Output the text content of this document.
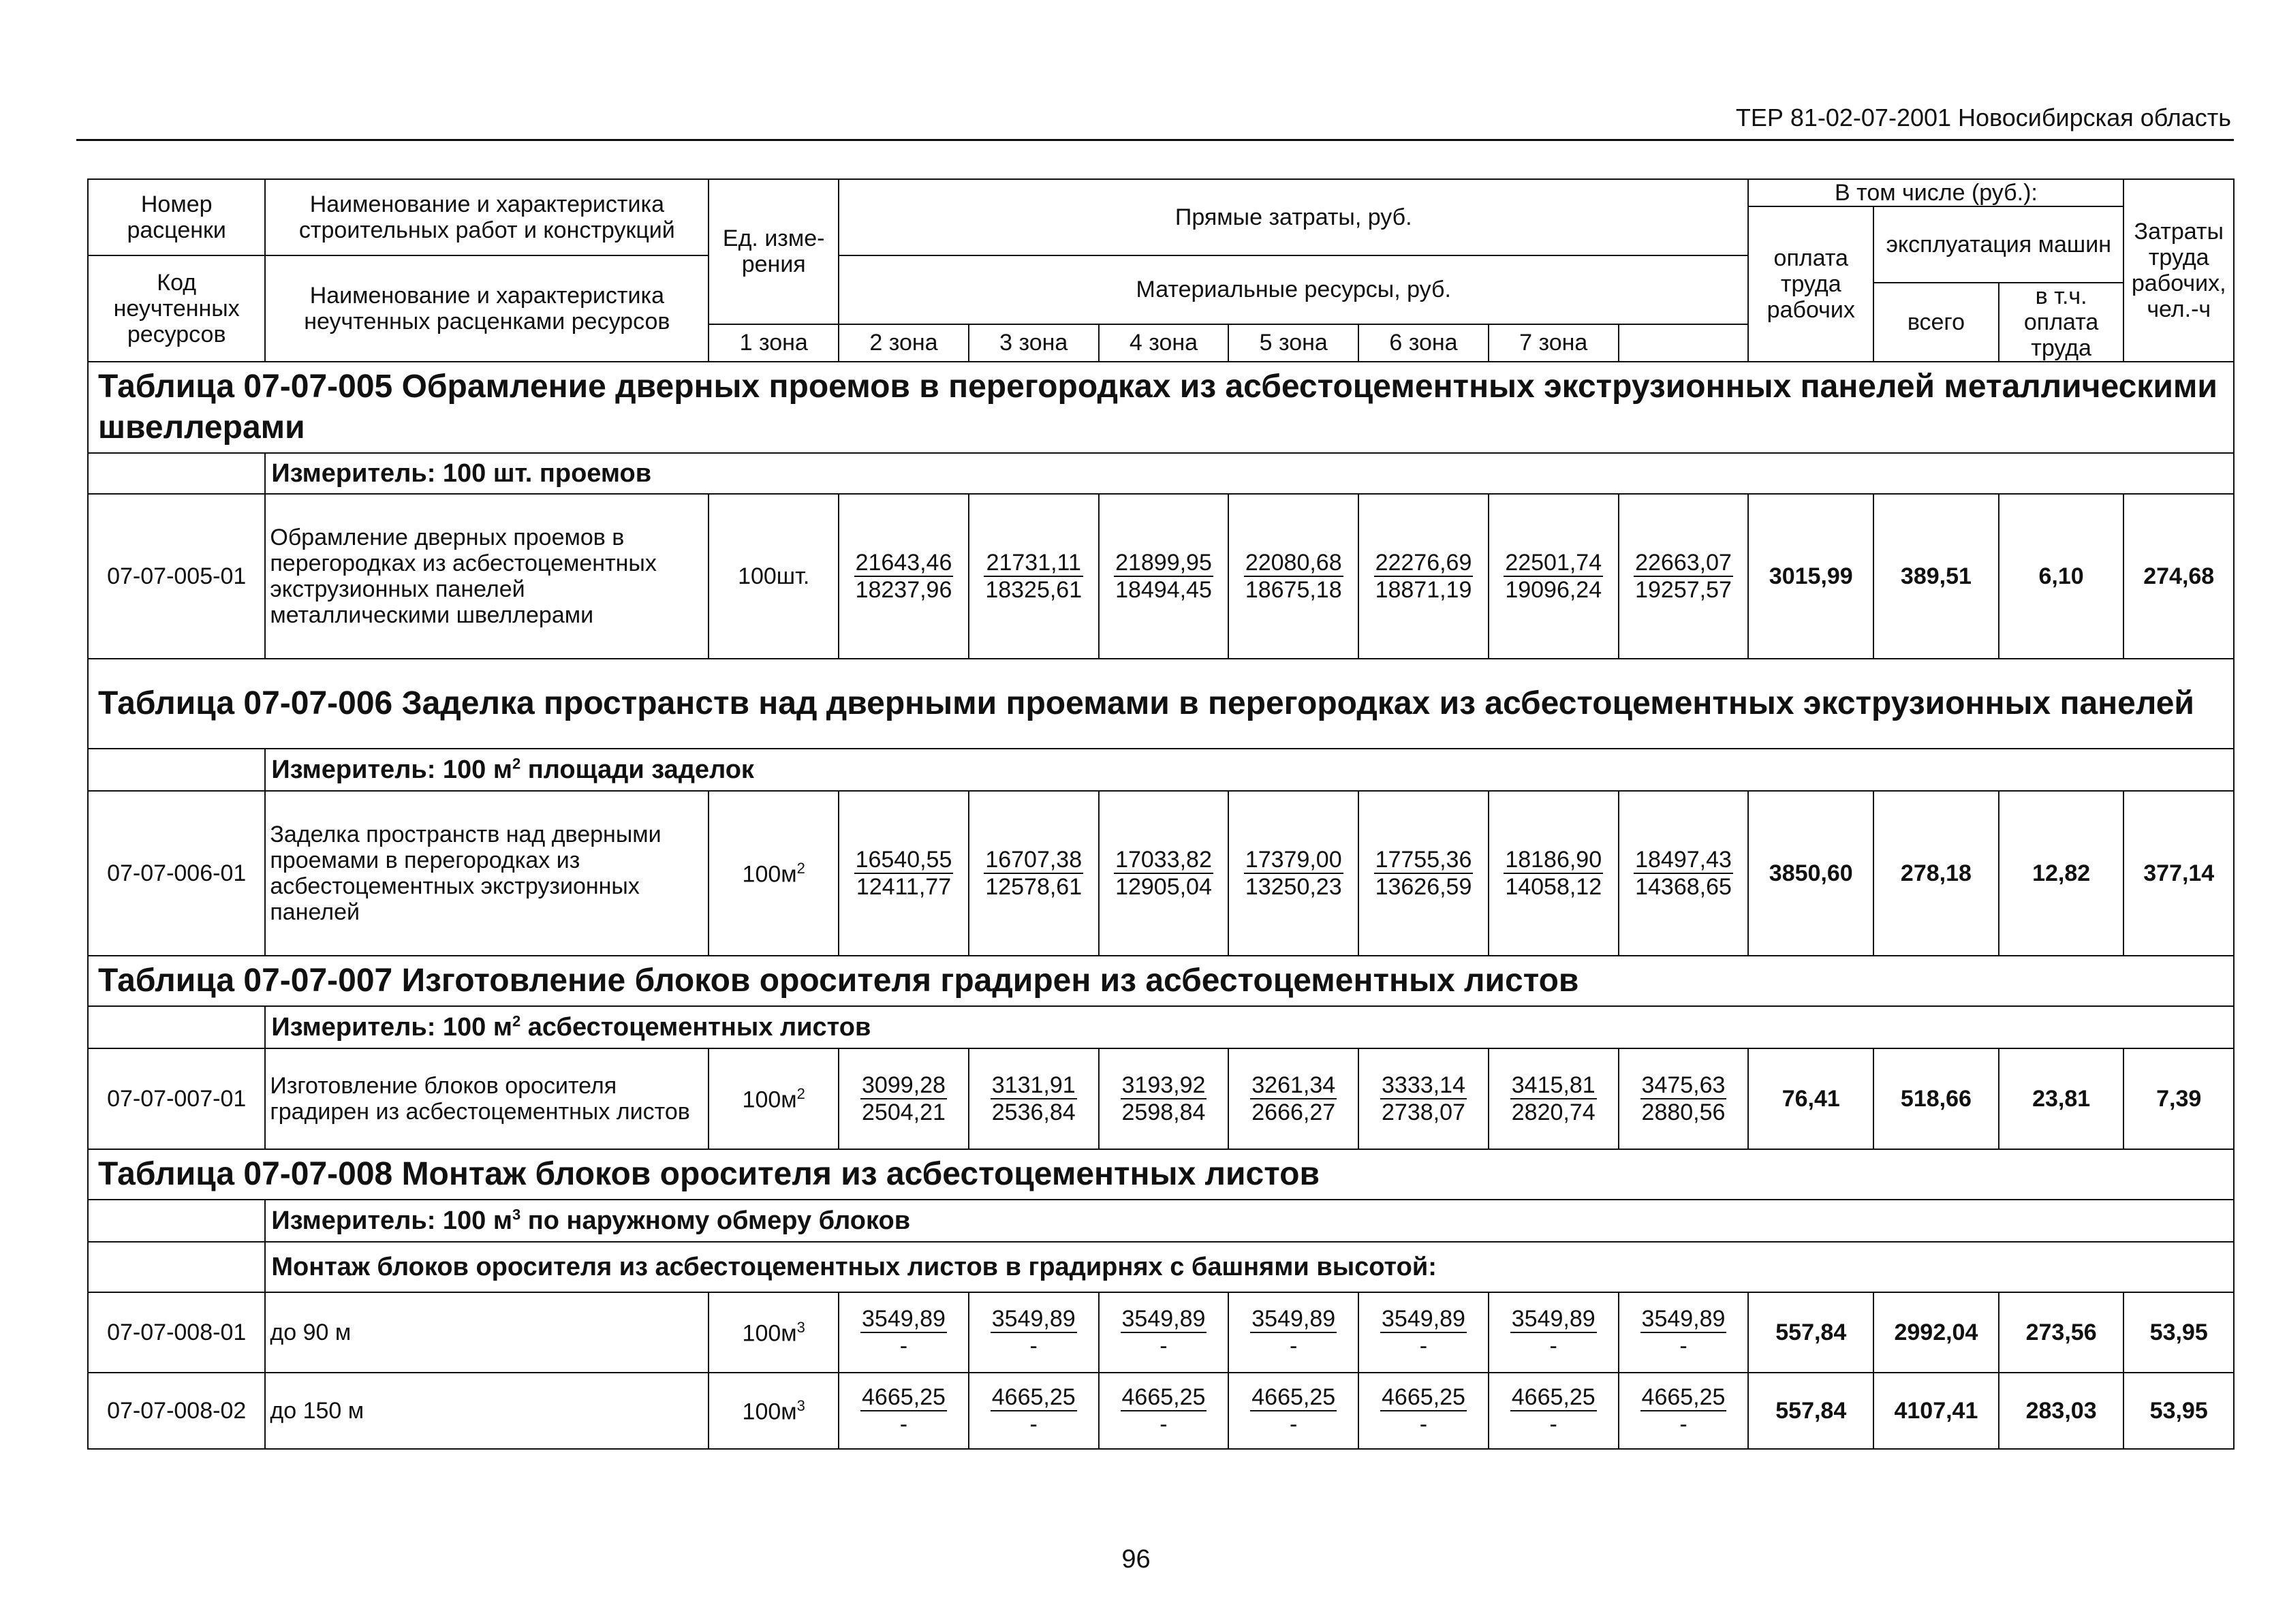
ТЕР 81-02-07-2001 Новосибирская область
Номер расценки	Наименование и характеристика строительных работ и конструкций	Ед. изме-рения	Прямые затраты, руб.							В том числе (руб.):			Затраты труда рабочих, чел.-ч
										оплата труда рабочих	эксплуатация машин		
Код неучтенных ресурсов	Наименование и характеристика неучтенных расценками ресурсов		Материальные ресурсы, руб.										
											всего	в т.ч. оплата труда	
		1 зона	2 зона	3 зона	4 зона	5 зона	6 зона	7 зона					
Таблица 07-07-005 Обрамление дверных проемов в перегородках из асбестоцементных экструзионных панелей металлическими швеллерами													
	Измеритель: 100 шт. проемов												
07-07-005-01	Обрамление дверных проемов в перегородках из асбестоцементных экструзионных панелей металлическими швеллерами	100шт.	$\frac{21643,46}{18237,96}$	$\frac{21731,11}{18325,61}$	$\frac{21899,95}{18494,45}$	$\frac{22080,68}{18675,18}$	$\frac{22276,69}{18871,19}$	$\frac{22501,74}{19096,24}$	$\frac{22663,07}{19257,57}$	3015,99	389,51	6,10	274,68
Таблица 07-07-006 Заделка пространств над дверными проемами в перегородках из асбестоцементных экструзионных панелей													
	Измеритель: 100 $м^2$ площади заделок												
07-07-006-01	Заделка пространств над дверными проемами в перегородках из асбестоцементных экструзионных панелей	$100м^2$	$\frac{16540,55}{12411,77}$	$\frac{16707,38}{12578,61}$	$\frac{17033,82}{12905,04}$	$\frac{17379,00}{13250,23}$	$\frac{17755,36}{13626,59}$	$\frac{18186,90}{14058,12}$	$\frac{18497,43}{14368,65}$	3850,60	278,18	12,82	377,14
Таблица 07-07-007 Изготовление блоков оросителя градирен из асбестоцементных листов													
	Измеритель: 100 $м^2$ асбестоцементных листов												
07-07-007-01	Изготовление блоков оросителя градирен из асбестоцементных листов	$100м^2$	$\frac{3099,28}{2504,21}$	$\frac{3131,91}{2536,84}$	$\frac{3193,92}{2598,84}$	$\frac{3261,34}{2666,27}$	$\frac{3333,14}{2738,07}$	$\frac{3415,81}{2820,74}$	$\frac{3475,63}{2880,56}$	76,41	518,66	23,81	7,39
Таблица 07-07-008 Монтаж блоков оросителя из асбестоцементных листов													
	Измеритель: 100 $м^3$ по наружному обмеру блоков												
	Монтаж блоков оросителя из асбестоцементных листов в градирнях с башнями высотой:												
07-07-008-01	до 90 м	$100м^3$	$\frac{3549,89}{-}$	$\frac{3549,89}{-}$	$\frac{3549,89}{-}$	$\frac{3549,89}{-}$	$\frac{3549,89}{-}$	$\frac{3549,89}{-}$	$\frac{3549,89}{-}$	557,84	2992,04	273,56	53,95
07-07-008-02	до 150 м	$100м^3$	$\frac{4665,25}{-}$	$\frac{4665,25}{-}$	$\frac{4665,25}{-}$	$\frac{4665,25}{-}$	$\frac{4665,25}{-}$	$\frac{4665,25}{-}$	$\frac{4665,25}{-}$	557,84	4107,41	283,03	53,95
96
